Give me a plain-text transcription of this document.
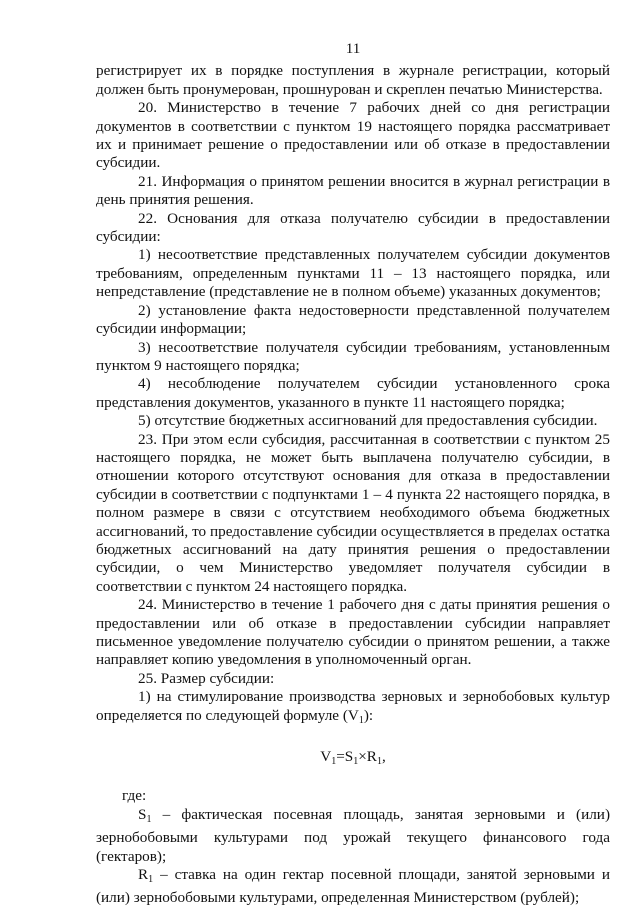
11

регистрирует их в порядке поступления в журнале регистрации, который должен быть пронумерован, прошнурован и скреплен печатью Министерства.

20. Министерство в течение 7 рабочих дней со дня регистрации документов в соответствии с пунктом 19 настоящего порядка рассматривает их и принимает решение о предоставлении или об отказе в предоставлении субсидии.

21. Информация о принятом решении вносится в журнал регистрации в день принятия решения.

22. Основания для отказа получателю субсидии в предоставлении субсидии:

1) несоответствие представленных получателем субсидии документов требованиям, определенным пунктами 11 – 13 настоящего порядка, или непредставление (представление не в полном объеме) указанных документов;

2) установление факта недостоверности представленной получателем субсидии информации;

3) несоответствие получателя субсидии требованиям, установленным пунктом 9 настоящего порядка;

4) несоблюдение получателем субсидии установленного срока представления документов, указанного в пункте 11 настоящего порядка;

5) отсутствие бюджетных ассигнований для предоставления субсидии.

23. При этом если субсидия, рассчитанная в соответствии с пунктом 25 настоящего порядка, не может быть выплачена получателю субсидии, в отношении которого отсутствуют основания для отказа в предоставлении субсидии в соответствии с подпунктами 1 – 4 пункта 22 настоящего порядка, в полном размере в связи с отсутствием необходимого объема бюджетных ассигнований, то предоставление субсидии осуществляется в пределах остатка бюджетных ассигнований на дату принятия решения о предоставлении субсидии, о чем Министерство уведомляет получателя субсидии в соответствии с пунктом 24 настоящего порядка.

24. Министерство в течение 1 рабочего дня с даты принятия решения о предоставлении или об отказе в предоставлении субсидии направляет письменное уведомление получателю субсидии о принятом решении, а также направляет копию уведомления в уполномоченный орган.

25. Размер субсидии:

1) на стимулирование производства зерновых и зернобобовых культур определяется по следующей формуле $(V_1)$:

$V_1=S_1\times R_1$,

где:

$S_1$ – фактическая посевная площадь, занятая зерновыми и (или) зернобобовыми культурами под урожай текущего финансового года (гектаров);

$R_1$ – ставка на один гектар посевной площади, занятой зерновыми и (или) зернобобовыми культурами, определенная Министерством (рублей);
